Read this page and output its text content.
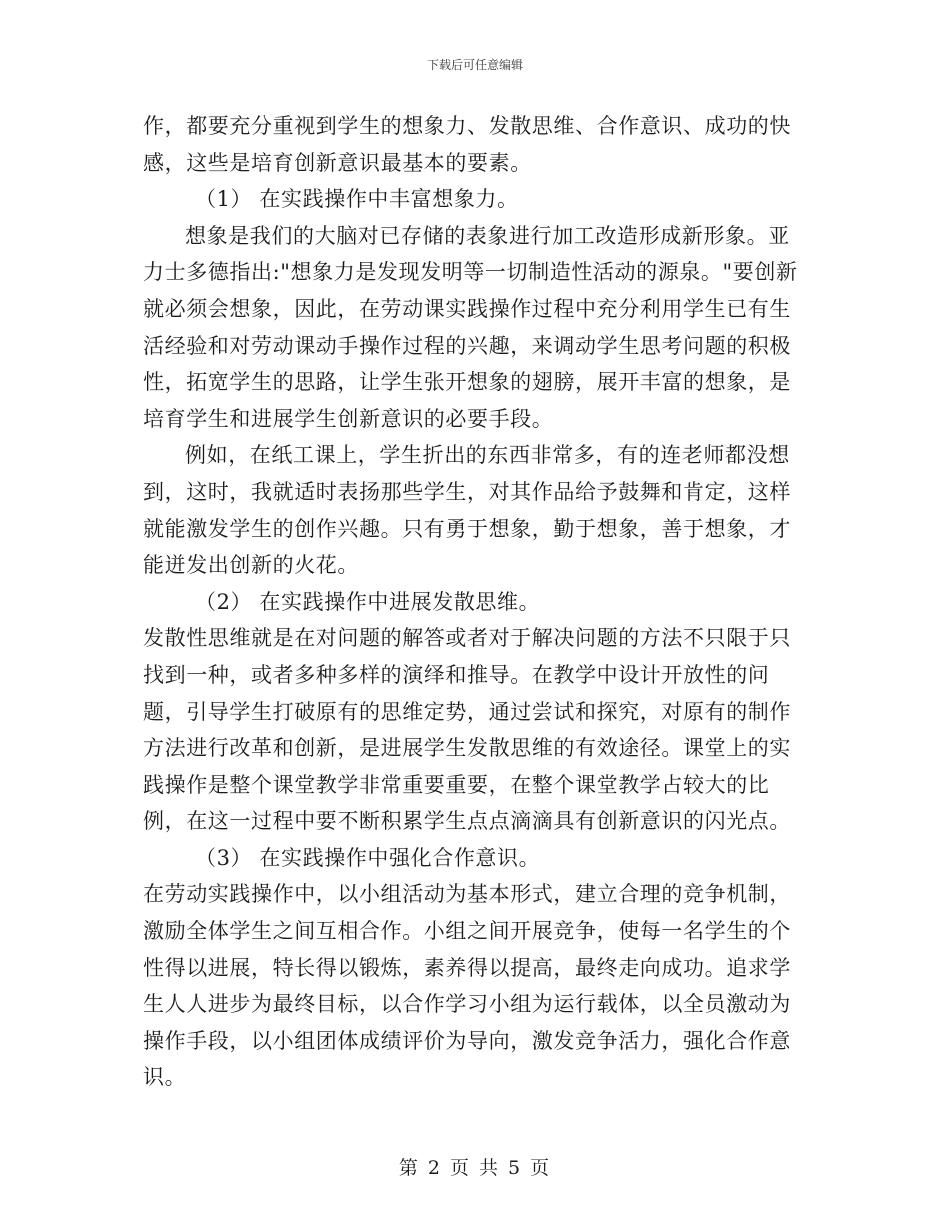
下载后可任意编辑

作，都要充分重视到学生的想象力、发散思维、合作意识、成功的快感，这些是培育创新意识最基本的要素。

（1） 在实践操作中丰富想象力。

想象是我们的大脑对已存储的表象进行加工改造形成新形象。亚力士多德指出:"想象力是发现发明等一切制造性活动的源泉。"要创新就必须会想象，因此，在劳动课实践操作过程中充分利用学生已有生活经验和对劳动课动手操作过程的兴趣，来调动学生思考问题的积极性，拓宽学生的思路，让学生张开想象的翅膀，展开丰富的想象，是培育学生和进展学生创新意识的必要手段。

例如，在纸工课上，学生折出的东西非常多，有的连老师都没想到，这时，我就适时表扬那些学生，对其作品给予鼓舞和肯定，这样就能激发学生的创作兴趣。只有勇于想象，勤于想象，善于想象，才能迸发出创新的火花。

（2） 在实践操作中进展发散思维。

发散性思维就是在对问题的解答或者对于解决问题的方法不只限于只找到一种，或者多种多样的演绎和推导。在教学中设计开放性的问题，引导学生打破原有的思维定势，通过尝试和探究，对原有的制作方法进行改革和创新，是进展学生发散思维的有效途径。课堂上的实践操作是整个课堂教学非常重要重要，在整个课堂教学占较大的比例，在这一过程中要不断积累学生点点滴滴具有创新意识的闪光点。

（3） 在实践操作中强化合作意识。

在劳动实践操作中，以小组活动为基本形式，建立合理的竞争机制，激励全体学生之间互相合作。小组之间开展竞争，使每一名学生的个性得以进展，特长得以锻炼，素养得以提高，最终走向成功。追求学生人人进步为最终目标，以合作学习小组为运行载体，以全员激动为操作手段，以小组团体成绩评价为导向，激发竞争活力，强化合作意识。

第 2 页 共 5 页
